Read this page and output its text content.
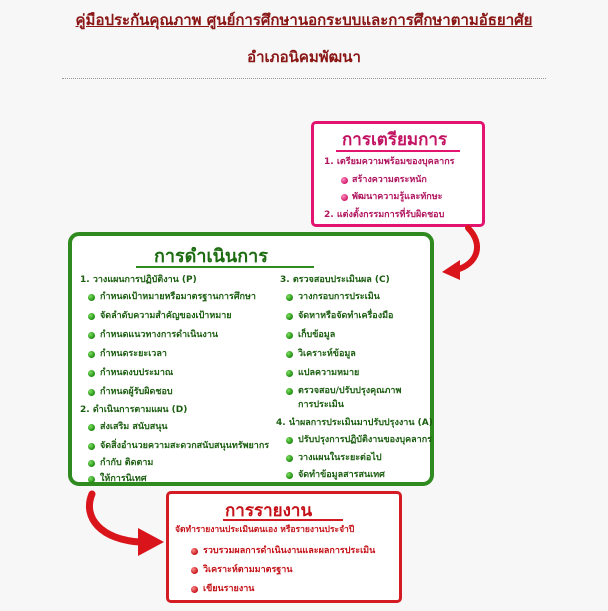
คู่มือประกันคุณภาพ ศูนย์การศึกษานอกระบบและการศึกษาตามอัธยาศัย
อำเภอนิคมพัฒนา
การเตรียมการ
1. เตรียมความพร้อมของบุคลากร
สร้างความตระหนัก
พัฒนาความรู้และทักษะ
2. แต่งตั้งกรรมการที่รับผิดชอบ
การดำเนินการ
1. วางแผนการปฏิบัติงาน (P)
กำหนดเป้าหมายหรือมาตรฐานการศึกษา
จัดลำดับความสำคัญของเป้าหมาย
กำหนดแนวทางการดำเนินงาน
กำหนดระยะเวลา
กำหนดงบประมาณ
กำหนดผู้รับผิดชอบ
2. ดำเนินการตามแผน (D)
ส่งเสริม สนับสนุน
จัดสิ่งอำนวยความสะดวกสนับสนุนทรัพยากร
กำกับ ติดตาม
ให้การนิเทศ
3. ตรวจสอบประเมินผล (C)
วางกรอบการประเมิน
จัดหาหรือจัดทำเครื่องมือ
เก็บข้อมูล
วิเคราะห์ข้อมูล
แปลความหมาย
ตรวจสอบ/ปรับปรุงคุณภาพ
การประเมิน
4. นำผลการประเมินมาปรับปรุงงาน (A)
ปรับปรุงการปฏิบัติงานของบุคลากร
วางแผนในระยะต่อไป
จัดทำข้อมูลสารสนเทศ
การรายงาน
จัดทำรายงานประเมินตนเอง หรือรายงานประจำปี
รวบรวมผลการดำเนินงานและผลการประเมิน
วิเคราะห์ตามมาตรฐาน
เขียนรายงาน
